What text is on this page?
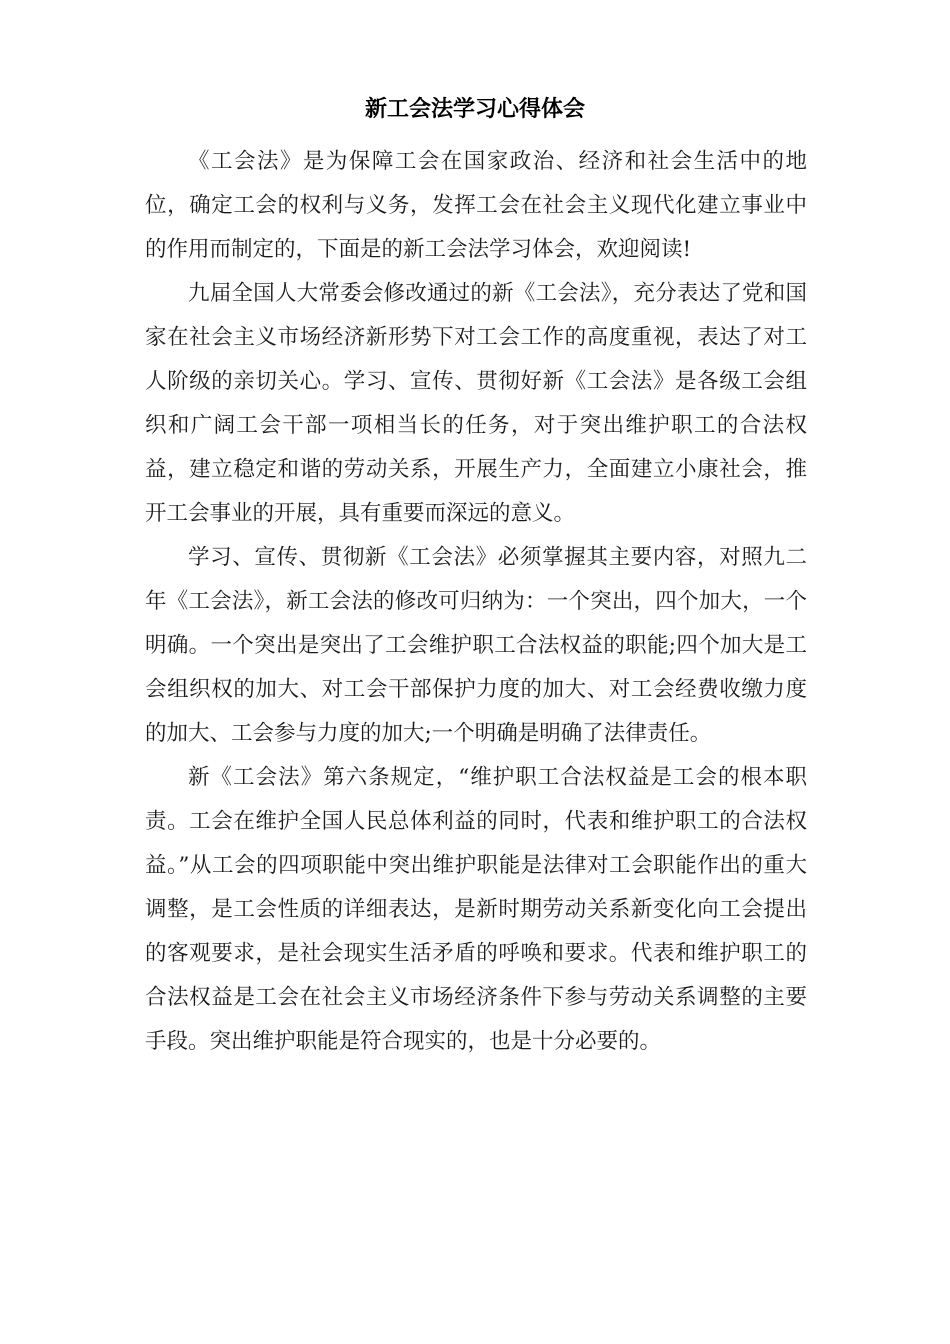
新工会法学习心得体会

《工会法》是为保障工会在国家政治、经济和社会生活中的地位，确定工会的权利与义务，发挥工会在社会主义现代化建立事业中的作用而制定的，下面是的新工会法学习体会，欢迎阅读!

九届全国人大常委会修改通过的新《工会法》，充分表达了党和国家在社会主义市场经济新形势下对工会工作的高度重视，表达了对工人阶级的亲切关心。学习、宣传、贯彻好新《工会法》是各级工会组织和广阔工会干部一项相当长的任务，对于突出维护职工的合法权益，建立稳定和谐的劳动关系，开展生产力，全面建立小康社会，推开工会事业的开展，具有重要而深远的意义。

学习、宣传、贯彻新《工会法》必须掌握其主要内容，对照九二年《工会法》，新工会法的修改可归纳为：一个突出，四个加大，一个明确。一个突出是突出了工会维护职工合法权益的职能;四个加大是工会组织权的加大、对工会干部保护力度的加大、对工会经费收缴力度的加大、工会参与力度的加大;一个明确是明确了法律责任。

新《工会法》第六条规定，“维护职工合法权益是工会的根本职责。工会在维护全国人民总体利益的同时，代表和维护职工的合法权益。”从工会的四项职能中突出维护职能是法律对工会职能作出的重大调整，是工会性质的详细表达，是新时期劳动关系新变化向工会提出的客观要求，是社会现实生活矛盾的呼唤和要求。代表和维护职工的合法权益是工会在社会主义市场经济条件下参与劳动关系调整的主要手段。突出维护职能是符合现实的，也是十分必要的。
